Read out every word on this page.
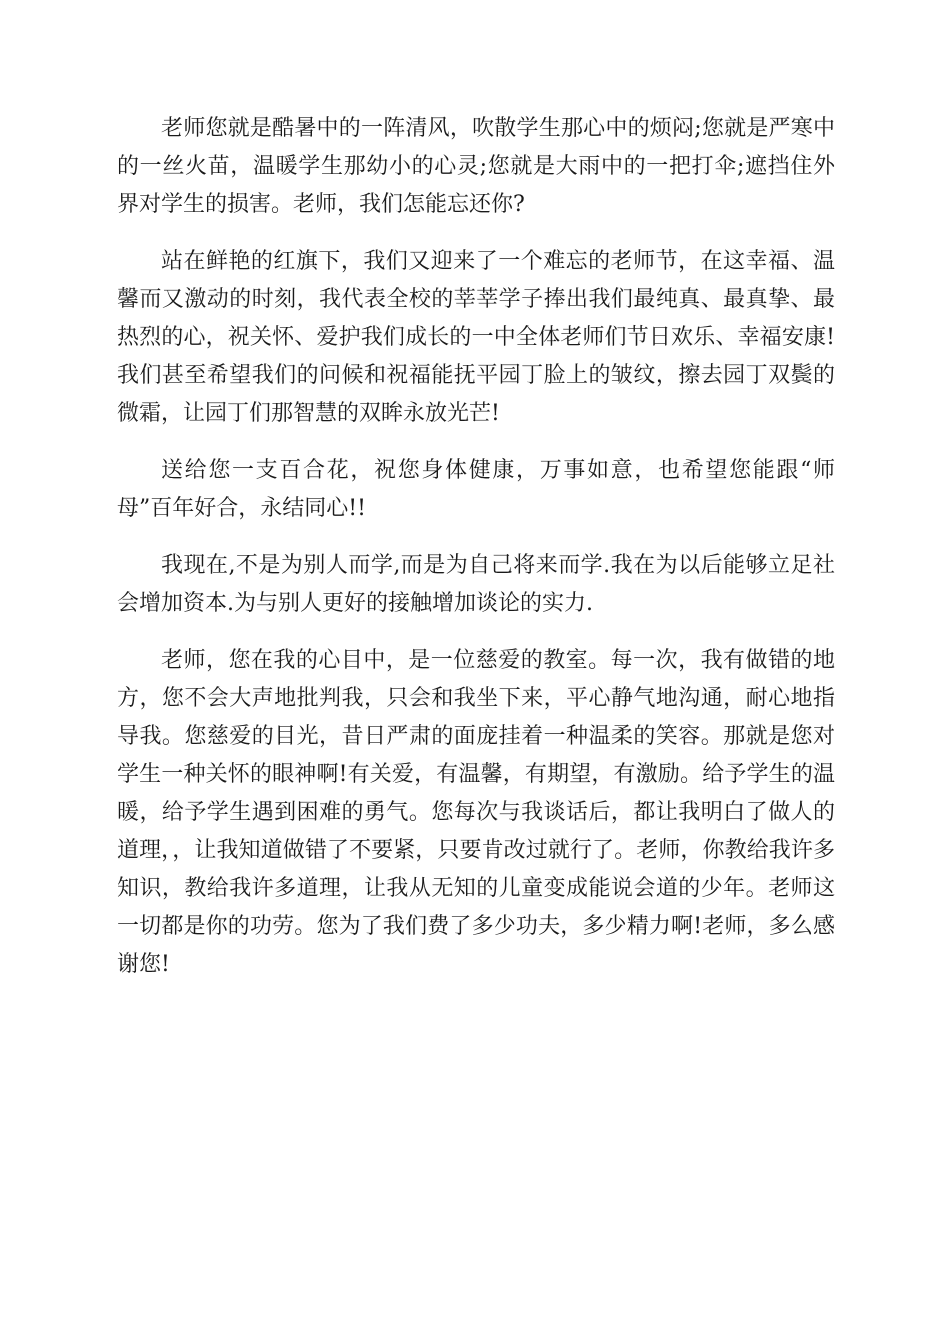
老师您就是酷暑中的一阵清风，吹散学生那心中的烦闷;您就是严寒中的一丝火苗，温暖学生那幼小的心灵;您就是大雨中的一把打伞;遮挡住外界对学生的损害。老师，我们怎能忘还你?

站在鲜艳的红旗下，我们又迎来了一个难忘的老师节，在这幸福、温馨而又激动的时刻，我代表全校的莘莘学子捧出我们最纯真、最真挚、最热烈的心，祝关怀、爱护我们成长的一中全体老师们节日欢乐、幸福安康!我们甚至希望我们的问候和祝福能抚平园丁脸上的皱纹，擦去园丁双鬓的微霜，让园丁们那智慧的双眸永放光芒!

送给您一支百合花，祝您身体健康，万事如意，也希望您能跟“师母”百年好合，永结同心!!

我现在,不是为别人而学,而是为自己将来而学.我在为以后能够立足社会增加资本.为与别人更好的接触增加谈论的实力.

老师，您在我的心目中，是一位慈爱的教室。每一次，我有做错的地方，您不会大声地批判我，只会和我坐下来，平心静气地沟通，耐心地指导我。您慈爱的目光，昔日严肃的面庞挂着一种温柔的笑容。那就是您对学生一种关怀的眼神啊!有关爱，有温馨，有期望，有激励。给予学生的温暖，给予学生遇到困难的勇气。您每次与我谈话后，都让我明白了做人的道理，，让我知道做错了不要紧，只要肯改过就行了。老师，你教给我许多知识，教给我许多道理，让我从无知的儿童变成能说会道的少年。老师这一切都是你的功劳。您为了我们费了多少功夫，多少精力啊!老师，多么感谢您!
